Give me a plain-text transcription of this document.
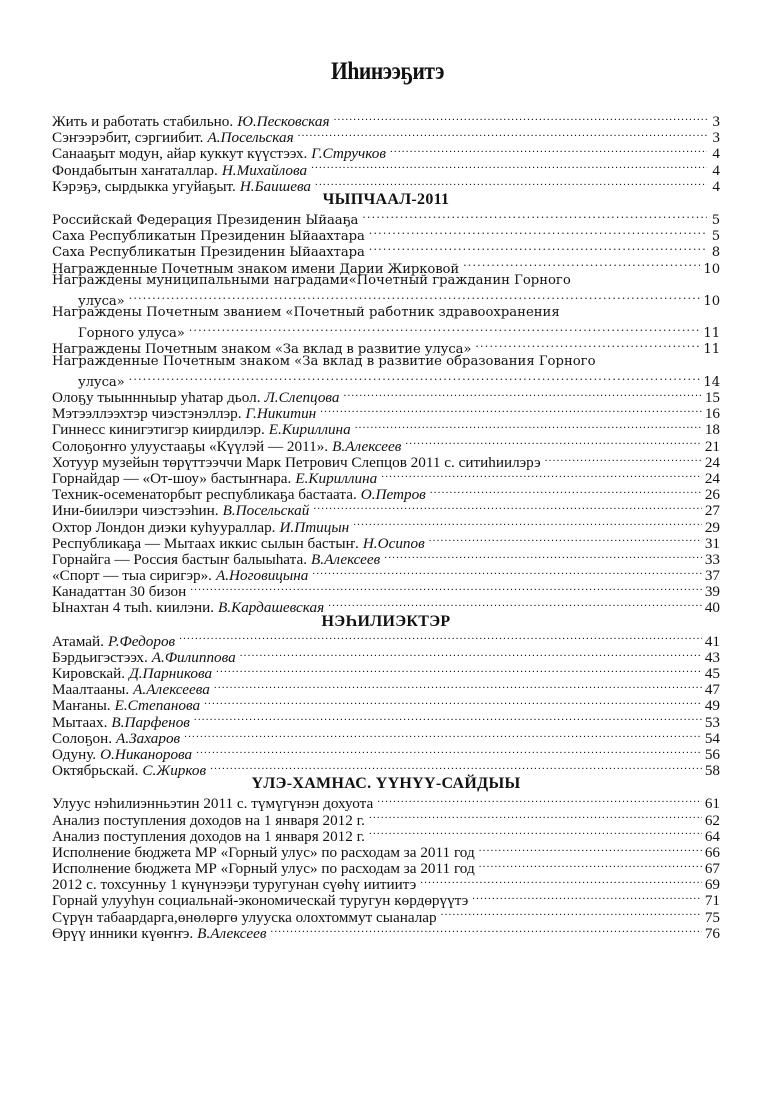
Иhинээҕитэ
Жить и работать стабильно. Ю.Песковская .....	3
Сэҥээрэбит, сэргиибит. А.Посельская .....	3
Санааҕыт модун, айар куккут күүстээх. Г.Стручков .....	4
Фондабытын хаҥаталлар. Н.Михайлова .....	4
Кэрэҕэ, сырдыкка угуйаҕыт. Н.Баишева .....	4
ЧЫПЧААЛ-2011
Российскай Федерация Президенин Ыйааҕа .....	5
Саха Республикатын Президенин Ыйаахтара .....	5
Саха Республикатын Президенин Ыйаахтара .....	8
Награжденные Почетным знаком имени Дарии Жирковой .....	10
Награждены муниципальными наградами«Почетный гражданин Горного
улуса» .....	10
Награждены Почетным званием «Почетный работник здравоохранения
Горного улуса» .....	11
Награждены Почетным знаком «За вклад в развитие улуса» .....	11
Награжденные Почетным знаком «За вклад в развитие образования Горного
улуса» .....	14
Олоҕу тыыннныыр уhатар дьол. Л.Слепцова .....	15
Мэтээллээхтэр чиэстэнэллэр. Г.Никитин .....	16
Гиннесс кинигэтигэр киирдилэр. Е.Кириллина .....	18
Солоҕоҥҥо улуустааҕы «Күүлэй — 2011». В.Алексеев .....	21
Хотуур музейын төрүттээччи Марк Петрович Слепцов 2011 с. ситиhиилэрэ .....	24
Горнайдар — «От-шоу» бастыҥнара. Е.Кириллина .....	24
Техник-осеменаторбыт республикаҕа бастаата. О.Петров .....	26
Ини-биилэри чиэстээhин. В.Посельскай .....	27
Охтор Лондон диэки куhуураллар. И.Птицын .....	29
Республикаҕа — Мытаах иккис сылын бастыҥ. Н.Осипов .....	31
Горнайга — Россия бастыҥ балыыhата. В.Алексеев .....	33
«Спорт — тыа сиригэр». А.Ноговицына .....	37
Канадаттан 30 бизон .....	39
Ынахтан 4 тыh. киилэни. В.Кардашевская .....	40
НЭҺИЛИЭКТЭР
Атамай. Р.Федоров .....	41
Бэрдьигэстээх. А.Филиппова .....	43
Кировскай. Д.Парникова .....	45
Маалтааны. А.Алексеева .....	47
Маҥаны. Е.Степанова .....	49
Мытаах. В.Парфенов .....	53
Солоҕон. А.Захаров .....	54
Одуну. О.Никанорова .....	56
Октябрьскай. С.Жирков .....	58
ҮЛЭ-ХАМНАС. ҮҮНҮҮ-САЙДЫЫ
Улуус нэhилиэнньэтин 2011 с. түмүгүнэн дохуота .....	61
Анализ поступления доходов на 1 января 2012 г. .....	62
Анализ поступления доходов на 1 января 2012 г. .....	64
Исполнение бюджета МР «Горный улус» по расходам за 2011 год .....	66
Исполнение бюджета МР «Горный улус» по расходам за 2011 год .....	67
2012 с. тохсунньу 1 күнүнээҕи туругунан сүөhү иитиитэ .....	69
Горнай улууhун социальнай-экономическай туругун көрдөрүүтэ .....	71
Сүрүн табаардарга,өнөлөргө улууска олохтоммут сыаналар .....	75
Өрүү инники күөҥҥэ. В.Алексеев .....	76
